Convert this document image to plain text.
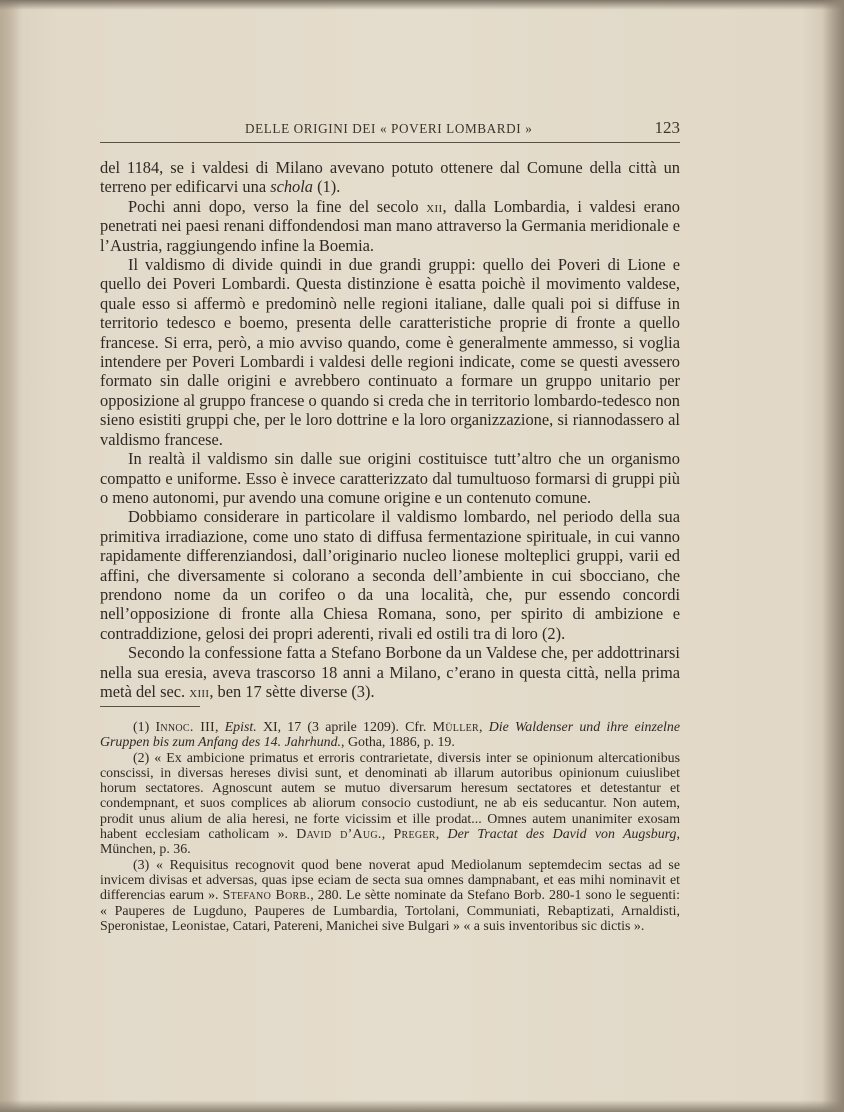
DELLE ORIGINI DEI « POVERI LOMBARDI »	123

del 1184, se i valdesi di Milano avevano potuto ottenere dal Comune della città un terreno per edificarvi una schola (1).

Pochi anni dopo, verso la fine del secolo xii, dalla Lombardia, i valdesi erano penetrati nei paesi renani diffondendosi man mano attraverso la Germania meridionale e l’Austria, raggiungendo infine la Boemia.

Il valdismo di divide quindi in due grandi gruppi: quello dei Poveri di Lione e quello dei Poveri Lombardi. Questa distinzione è esatta poichè il movimento valdese, quale esso si affermò e predominò nelle regioni italiane, dalle quali poi si diffuse in territorio tedesco e boemo, presenta delle caratteristiche proprie di fronte a quello francese. Si erra, però, a mio avviso quando, come è generalmente ammesso, si voglia intendere per Poveri Lombardi i valdesi delle regioni indicate, come se questi avessero formato sin dalle origini e avrebbero continuato a formare un gruppo unitario per opposizione al gruppo francese o quando si creda che in territorio lombardo-tedesco non sieno esistiti gruppi che, per le loro dottrine e la loro organizzazione, si riannodassero al valdismo francese.

In realtà il valdismo sin dalle sue origini costituisce tutt’altro che un organismo compatto e uniforme. Esso è invece caratterizzato dal tumultuoso formarsi di gruppi più o meno autonomi, pur avendo una comune origine e un contenuto comune.

Dobbiamo considerare in particolare il valdismo lombardo, nel periodo della sua primitiva irradiazione, come uno stato di diffusa fermentazione spirituale, in cui vanno rapidamente differenziandosi, dall’originario nucleo lionese molteplici gruppi, varii ed affini, che diversamente si colorano a seconda dell’ambiente in cui sbocciano, che prendono nome da un corifeo o da una località, che, pur essendo concordi nell’opposizione di fronte alla Chiesa Romana, sono, per spirito di ambizione e contraddizione, gelosi dei propri aderenti, rivali ed ostili tra di loro (2).

Secondo la confessione fatta a Stefano Borbone da un Valdese che, per addottrinarsi nella sua eresia, aveva trascorso 18 anni a Milano, c’erano in questa città, nella prima metà del sec. xiii, ben 17 sètte diverse (3).

(1) Innoc. III, Epist. XI, 17 (3 aprile 1209). Cfr. Müller, Die Waldenser und ihre einzelne Gruppen bis zum Anfang des 14. Jahrhund., Gotha, 1886, p. 19.

(2) « Ex ambicione primatus et erroris contrarietate, diversis inter se opinionum altercationibus conscissi, in diversas hereses divisi sunt, et denominati ab illarum autoribus opinionum cuiuslibet horum sectatores. Agnoscunt autem se mutuo diversarum heresum sectatores et detestantur et condempnant, et suos complices ab aliorum consocio custodiunt, ne ab eis seducantur. Non autem, prodit unus alium de alia heresi, ne forte vicissim et ille prodat... Omnes autem unanimiter exosam habent ecclesiam catholicam ». David d’Aug., Preger, Der Tractat des David von Augsburg, München, p. 36.

(3) « Requisitus recognovit quod bene noverat apud Mediolanum septemdecim sectas ad se invicem divisas et adversas, quas ipse eciam de secta sua omnes dampnabant, et eas mihi nominavit et differencias earum ». Stefano Borb., 280. Le sètte nominate da Stefano Borb. 280-1 sono le seguenti: « Pauperes de Lugduno, Pauperes de Lumbardia, Tortolani, Communiati, Rebaptizati, Arnaldisti, Speronistae, Leonistae, Catari, Patereni, Manichei sive Bulgari » « a suis inventoribus sic dictis ».
